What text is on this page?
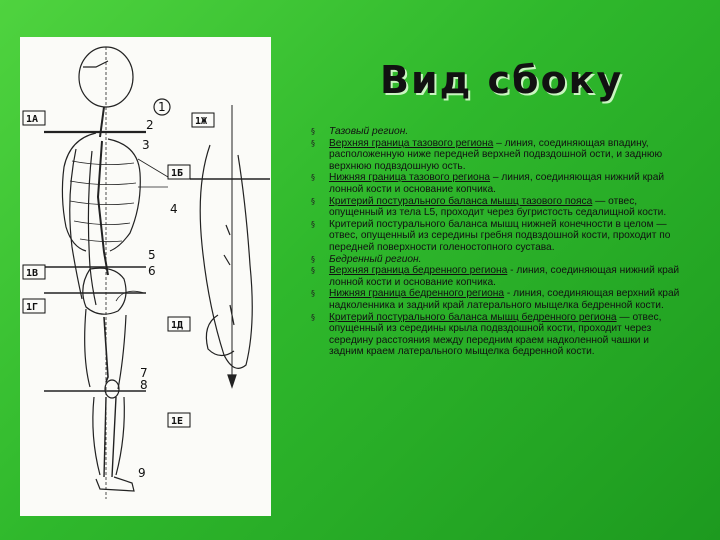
Вид сбоку
1А
1В
1Г
1Б
1Д
1Е
1Ж
1
2
3
4
5
6
7
8
9
§	Тазовый регион.
§	Верхняя граница тазового региона – линия, соединяющая впадину, расположенную ниже передней верхней подвздошной ости, и заднюю верхнюю подвздошную ость.
§	Нижняя граница тазового региона – линия, соединяющая нижний край лонной кости и основание копчика.
§	Критерий постурального баланса мышц тазового пояса — отвес, опущенный из тела L5, проходит через бугристость седалищной кости.
§	Критерий постурального баланса мышц нижней конечности в целом — отвес, опущенный из середины гребня подвздошной кости, проходит по передней поверхности голеностопного сустава.
§	Бедренный регион.
§	Верхняя граница бедренного региона - линия, соединяющая нижний край лонной кости и основание копчика.
§	Нижняя граница бедренного региона - линия, соединяющая верхний край надколенника и задний край латерального мыщелка бедренной кости.
§	Критерий постурального баланса мышц бедренного региона — отвес, опущенный из середины крыла подвздошной кости, проходит через середину расстояния между передним краем надколенной чашки и задним краем латерального мыщелка бедренной кости.
